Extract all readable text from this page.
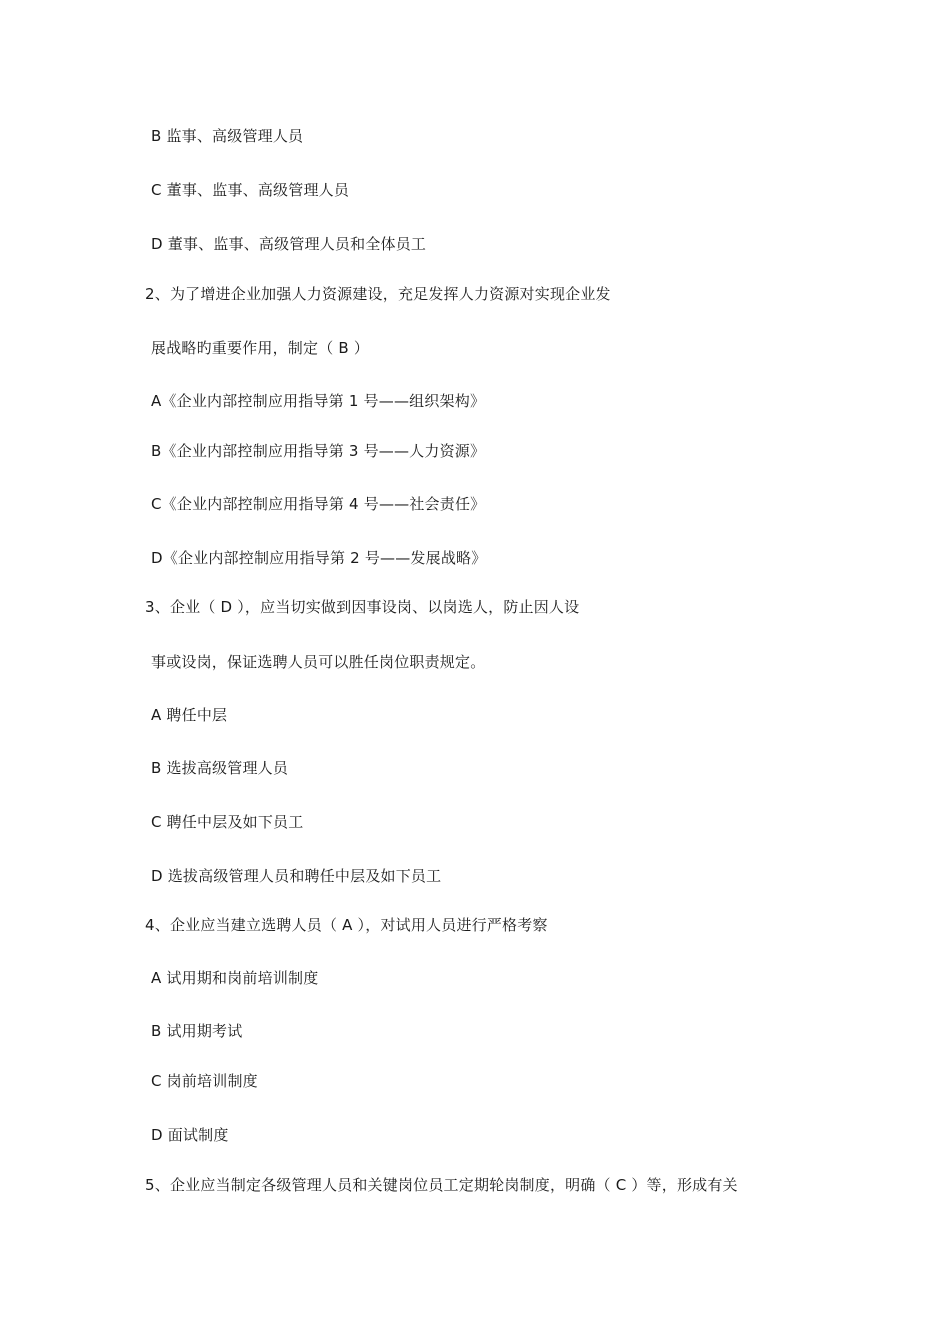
B 监事、高级管理人员
C 董事、监事、高级管理人员
D 董事、监事、高级管理人员和全体员工
2、为了增进企业加强人力资源建设，充足发挥人力资源对实现企业发
展战略旳重要作用，制定（ B ）
A《企业内部控制应用指导第 1 号——组织架构》
B《企业内部控制应用指导第 3 号——人力资源》
C《企业内部控制应用指导第 4 号——社会责任》
D《企业内部控制应用指导第 2 号——发展战略》
3、企业（ D ），应当切实做到因事设岗、以岗选人，防止因人设
事或设岗，保证选聘人员可以胜任岗位职责规定。
A 聘任中层
B 选拔高级管理人员
C 聘任中层及如下员工
D 选拔高级管理人员和聘任中层及如下员工
4、企业应当建立选聘人员（ A ），对试用人员进行严格考察
A 试用期和岗前培训制度
B 试用期考试
C 岗前培训制度
D 面试制度
5、企业应当制定各级管理人员和关键岗位员工定期轮岗制度，明确（ C ）等，形成有关
